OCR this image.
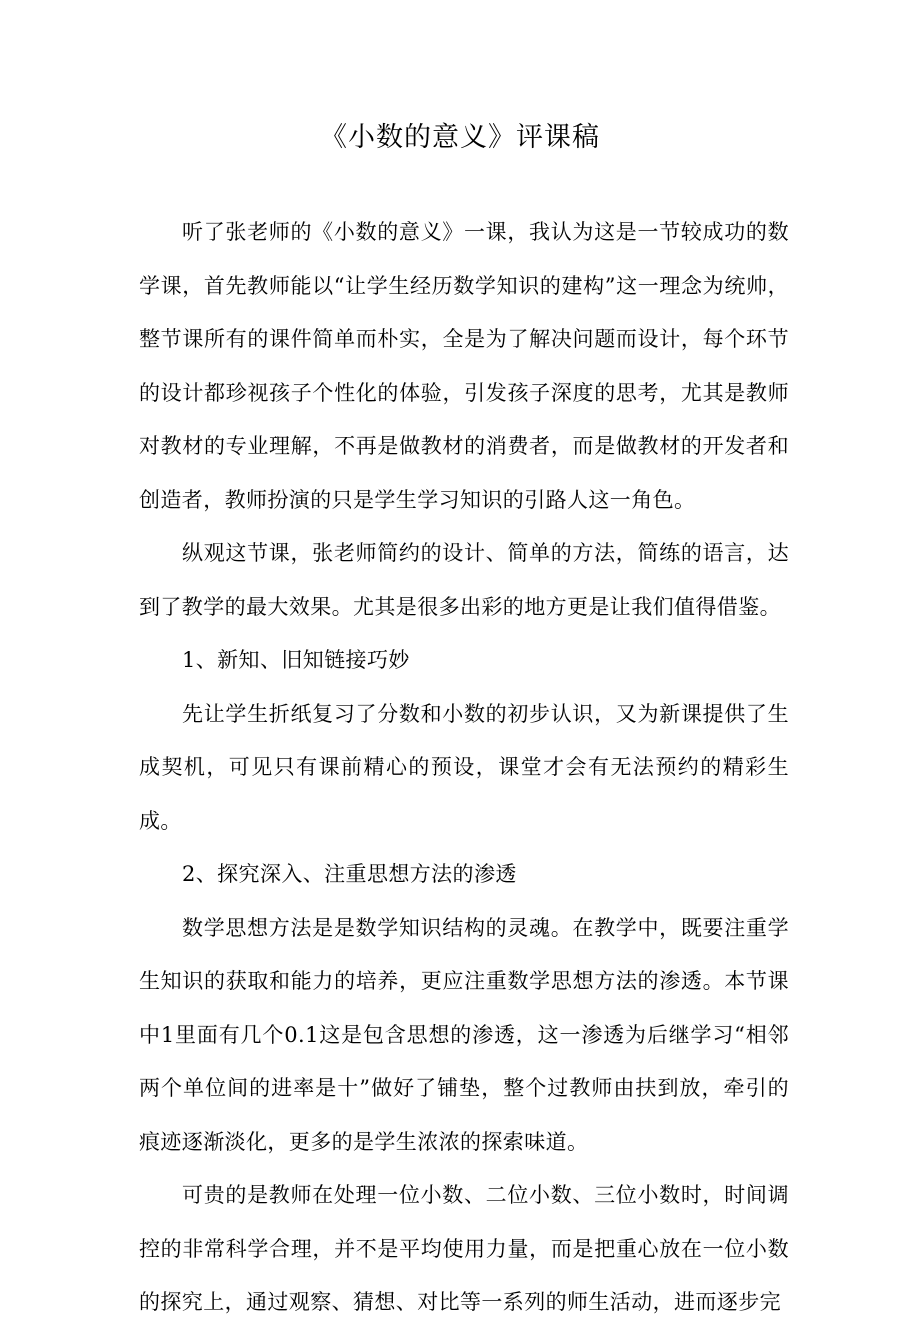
《小数的意义》评课稿

听了张老师的《小数的意义》一课，我认为这是一节较成功的数学课，首先教师能以“让学生经历数学知识的建构”这一理念为统帅，整节课所有的课件简单而朴实，全是为了解决问题而设计，每个环节的设计都珍视孩子个性化的体验，引发孩子深度的思考，尤其是教师对教材的专业理解，不再是做教材的消费者，而是做教材的开发者和创造者，教师扮演的只是学生学习知识的引路人这一角色。

纵观这节课，张老师简约的设计、简单的方法，简练的语言，达到了教学的最大效果。尤其是很多出彩的地方更是让我们值得借鉴。

1、新知、旧知链接巧妙

先让学生折纸复习了分数和小数的初步认识，又为新课提供了生成契机，可见只有课前精心的预设，课堂才会有无法预约的精彩生成。

2、探究深入、注重思想方法的渗透

数学思想方法是是数学知识结构的灵魂。在教学中，既要注重学生知识的获取和能力的培养，更应注重数学思想方法的渗透。本节课中1里面有几个0.1这是包含思想的渗透，这一渗透为后继学习“相邻两个单位间的进率是十”做好了铺垫，整个过教师由扶到放，牵引的痕迹逐渐淡化，更多的是学生浓浓的探索味道。

可贵的是教师在处理一位小数、二位小数、三位小数时，时间调控的非常科学合理，并不是平均使用力量，而是把重心放在一位小数的探究上，通过观察、猜想、对比等一系列的师生活动，进而逐步完
